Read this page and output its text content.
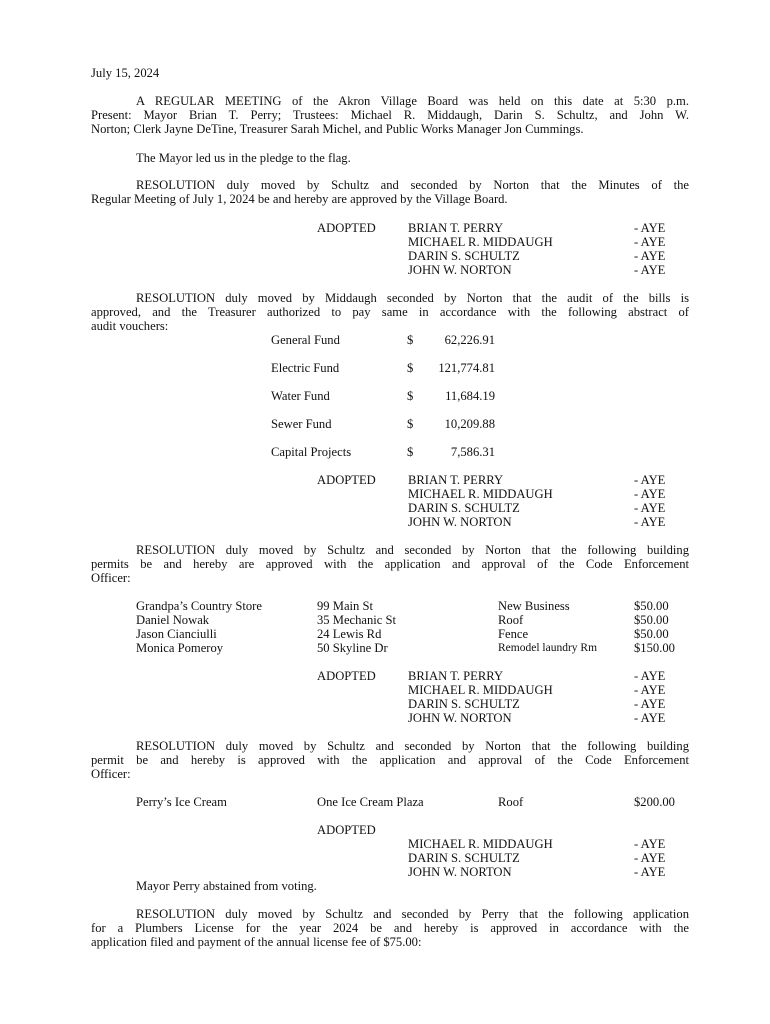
July 15, 2024
A REGULAR MEETING of the Akron Village Board was held on this date at 5:30 p.m.
Present: Mayor Brian T. Perry; Trustees: Michael R. Middaugh, Darin S. Schultz, and John W.
Norton; Clerk Jayne DeTine, Treasurer Sarah Michel, and Public Works Manager Jon Cummings.
The Mayor led us in the pledge to the flag.
RESOLUTION duly moved by Schultz and seconded by Norton that the Minutes of the
Regular Meeting of July 1, 2024 be and hereby are approved by the Village Board.
ADOPTED	BRIAN T. PERRY	- AYE
MICHAEL R. MIDDAUGH	- AYE
DARIN S. SCHULTZ	- AYE
JOHN W. NORTON	- AYE
RESOLUTION duly moved by Middaugh seconded by Norton that the audit of the bills is
approved, and the Treasurer authorized to pay same in accordance with the following abstract of
audit vouchers:
General Fund	$ 62,226.91
Electric Fund	$ 121,774.81
Water Fund	$	11,684.19
Sewer Fund	$ 10,209.88
Capital Projects	$	7,586.31
ADOPTED	BRIAN T. PERRY	- AYE
MICHAEL R. MIDDAUGH	- AYE
DARIN S. SCHULTZ	- AYE
JOHN W. NORTON	- AYE
RESOLUTION duly moved by Schultz and seconded by Norton that the following building
permits be and hereby are approved with the application and approval of the Code Enforcement
Officer:
Grandpa’s Country Store	99 Main St	New Business	$50.00
Daniel Nowak	35 Mechanic St	Roof	$50.00
Jason Cianciulli	24 Lewis Rd	Fence	$50.00
Monica Pomeroy	50 Skyline Dr	Remodel laundry Rm	$150.00
ADOPTED	BRIAN T. PERRY	- AYE
MICHAEL R. MIDDAUGH	- AYE
DARIN S. SCHULTZ	- AYE
JOHN W. NORTON	- AYE
RESOLUTION duly moved by Schultz and seconded by Norton that the following building
permit be and hereby is approved with the application and approval of the Code Enforcement
Officer:
Perry’s Ice Cream	One Ice Cream Plaza	Roof	$200.00
ADOPTED
MICHAEL R. MIDDAUGH	- AYE
DARIN S. SCHULTZ	- AYE
JOHN W. NORTON	- AYE
Mayor Perry abstained from voting.
RESOLUTION duly moved by Schultz and seconded by Perry that the following application
for a Plumbers License for the year 2024 be and hereby is approved in accordance with the
application filed and payment of the annual license fee of $75.00:
